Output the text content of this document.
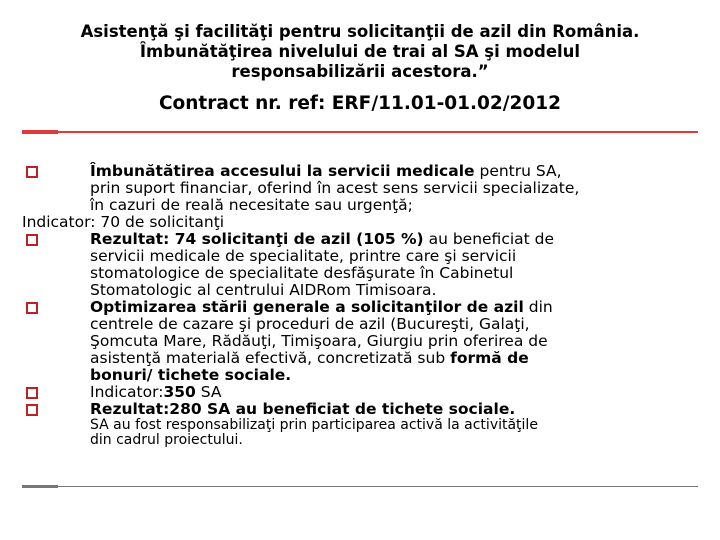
Asistenţă şi facilităţi pentru solicitanţii de azil din România.
Îmbunătăţirea nivelului de trai al SA şi modelul
responsabilizării acestora.”
Contract nr. ref: ERF/11.01-01.02/2012
Îmbunătătirea accesului la servicii medicale pentru SA,
prin suport financiar, oferind în acest sens servicii specializate,
în cazuri de reală necesitate sau urgenţă;
Indicator: 70 de solicitanţi
Rezultat: 74 solicitanţi de azil (105 %) au beneficiat de
servicii medicale de specialitate, printre care şi servicii
stomatologice de specialitate desfăşurate în Cabinetul
Stomatologic al centrului AIDRom Timisoara.
Optimizarea stării generale a solicitanţilor de azil din
centrele de cazare şi proceduri de azil (Bucureşti, Galaţi,
Şomcuta Mare, Rădăuţi, Timişoara, Giurgiu prin oferirea de
asistenţă materială efectivă, concretizată sub formă de
bonuri/ tichete sociale.
Indicator:350 SA
Rezultat:280 SA au beneficiat de tichete sociale.
SA au fost responsabilizaţi prin participarea activă la activităţile
din cadrul proiectului.
